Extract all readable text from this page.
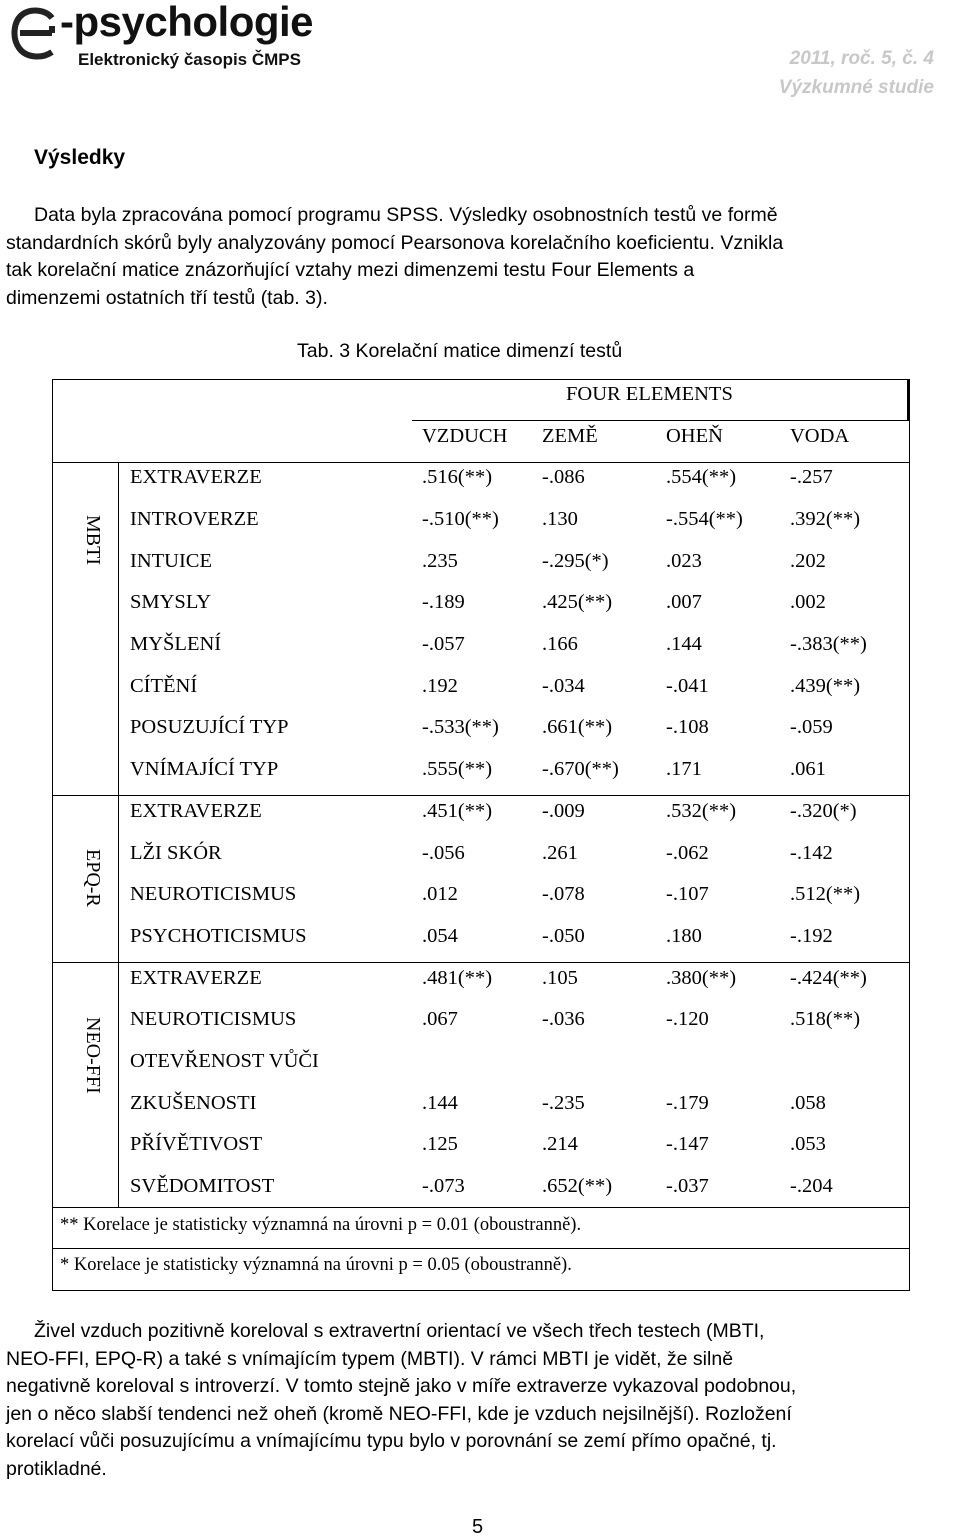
-psychologie
Elektronický časopis ČMPS	2011, roč. 5, č. 4
Výzkumné studie
Výsledky
Data byla zpracována pomocí programu SPSS. Výsledky osobnostních testů ve formě
standardních skórů byly analyzovány pomocí Pearsonova korelačního koeficientu. Vznikla
tak korelační matice znázorňující vztahy mezi dimenzemi testu Four Elements a
dimenzemi ostatních tří testů (tab. 3).
Tab. 3 Korelační matice dimenzí testů
FOUR ELEMENTS
VZDUCH ZEMĚ	OHEŇ	VODA
MBTI
EPQ-R
NEO-FFI
EXTRAVERZE	.516(**) -.086	.554(**)	-.257
INTROVERZE	-.510(**) .130	-.554(**) .392(**)
INTUICE	.235	-.295(*)	.023	.202
SMYSLY	-.189	.425(**)	.007	.002
MYŠLENÍ	-.057	.166	.144	-.383(**)
CÍTĚNÍ	.192	-.034	-.041	.439(**)
POSUZUJÍCÍ TYP	-.533(**) .661(**)	-.108	-.059
VNÍMAJÍCÍ TYP	.555(**) -.670(**) .171	.061
EXTRAVERZE	.451(**) -.009	.532(**)	-.320(*)
LŽI SKÓR	-.056	.261	-.062	-.142
NEUROTICISMUS	.012	-.078	-.107	.512(**)
PSYCHOTICISMUS	.054	-.050	.180	-.192
EXTRAVERZE	.481(**) .105	.380(**)	-.424(**)
NEUROTICISMUS	.067	-.036	-.120	.518(**)
OTEVŘENOST VŮČI
ZKUŠENOSTI	.144	-.235	-.179	.058
PŘÍVĚTIVOST	.125	.214	-.147	.053
SVĚDOMITOST	-.073	.652(**)	-.037	-.204
** Korelace je statisticky významná na úrovni p = 0.01 (oboustranně).
* Korelace je statisticky významná na úrovni p = 0.05 (oboustranně).
Živel vzduch pozitivně koreloval s extravertní orientací ve všech třech testech (MBTI,
NEO-FFI, EPQ-R) a také s vnímajícím typem (MBTI). V rámci MBTI je vidět, že silně
negativně koreloval s introverzí. V tomto stejně jako v míře extraverze vykazoval podobnou,
jen o něco slabší tendenci než oheň (kromě NEO-FFI, kde je vzduch nejsilnější). Rozložení
korelací vůči posuzujícímu a vnímajícímu typu bylo v porovnání se zemí přímo opačné, tj.
protikladné.
5
